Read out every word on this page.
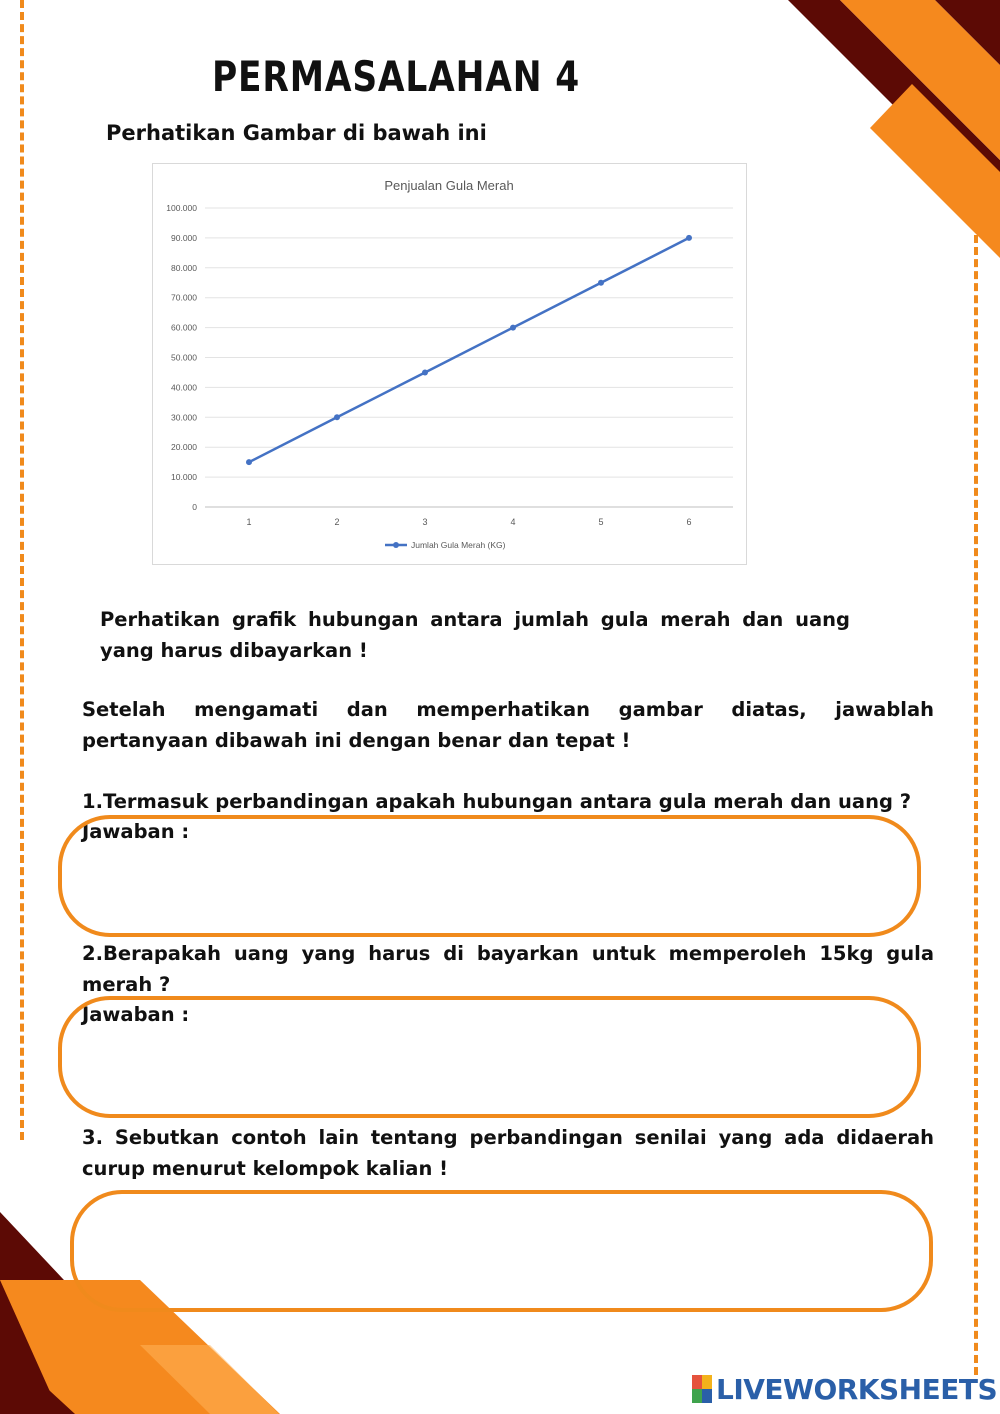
PERMASALAHAN 4

Perhatikan Gambar di bawah ini

Penjualan Gula Merah
0
10.000
20.000
30.000
40.000
50.000
60.000
70.000
80.000
90.000
100.000
1	2	3	4	5	6
Jumlah Gula Merah (KG)

Perhatikan grafik hubungan antara jumlah gula merah dan uang yang harus dibayarkan !

Setelah mengamati dan memperhatikan gambar diatas, jawablah pertanyaan dibawah ini dengan benar dan tepat !

1.Termasuk perbandingan apakah hubungan antara gula merah dan uang ?

Jawaban :

2.Berapakah uang yang harus di bayarkan untuk memperoleh 15kg gula merah ?

Jawaban :

3. Sebutkan contoh lain tentang perbandingan senilai yang ada didaerah curup menurut kelompok kalian !

LIVEWORKSHEETS
